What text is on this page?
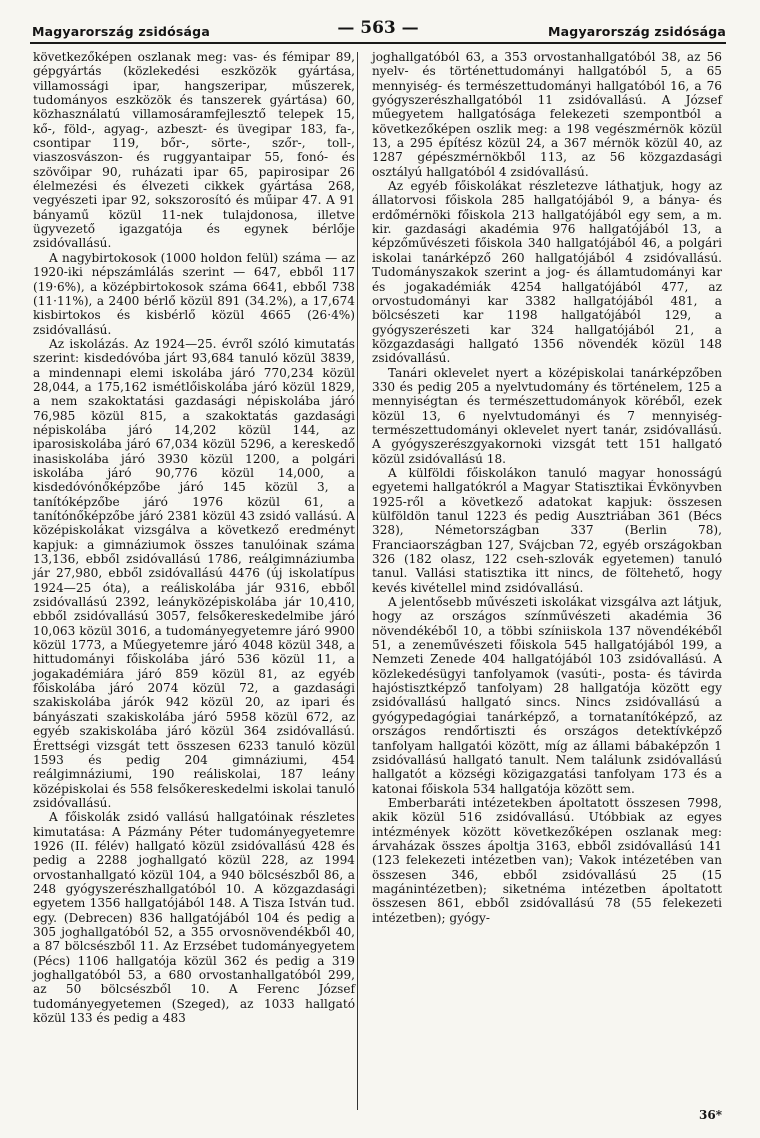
Magyarország zsidósága	— 563 —	Magyarország zsidósága

következőképen oszlanak meg: vas- és fémipar 89, gépgyártás (közlekedési eszközök gyártása, villamossági ipar, hangszeripar, műszerek, tudományos eszközök és tanszerek gyártása) 60, közhasználatú villamosáramfejlesztő telepek 15, kő-, föld-, agyag-, azbeszt- és üvegipar 183, fa-, csontipar 119, bőr-, sörte-, szőr-, toll-, viaszosvászon- és ruggyantaipar 55, fonó- és szövőipar 90, ruházati ipar 65, papirosipar 26 élelmezési és élvezeti cikkek gyártása 268, vegyészeti ipar 92, sokszorosító és műipar 47. A 91 bányamű közül 11-nek tulajdonosa, illetve ügyvezető igazgatója és egynek bérlője zsidóvallású.

A nagybirtokosok (1000 holdon felül) száma — az 1920-iki népszámlálás szerint — 647, ebből 117 (19·6%), a középbirtokosok száma 6641, ebből 738 (11·11%), a 2400 bérlő közül 891 (34.2%), a 17,674 kisbirtokos és kisbérlő közül 4665 (26·4%) zsidóvallású.

Az iskolázás. Az 1924—25. évről szóló kimutatás szerint: kisdedóvóba járt 93,684 tanuló közül 3839, a mindennapi elemi iskolába járó 770,234 közül 28,044, a 175,162 ismétlőiskolába járó közül 1829, a nem szakoktatási gazdasági népiskolába járó 76,985 közül 815, a szakoktatás gazdasági népiskolába járó 14,202 közül 144, az iparosiskolába járó 67,034 közül 5296, a kereskedő inasiskolába járó 3930 közül 1200, a polgári iskolába járó 90,776 közül 14,000, a kisdedóvónőképzőbe járó 145 közül 3, a tanítóképzőbe járó 1976 közül 61, a tanítónőképzőbe járó 2381 közül 43 zsidó vallású. A középiskolákat vizsgálva a következő eredményt kapjuk: a gimnáziumok összes tanulóinak száma 13,136, ebből zsidóvallású 1786, reálgimnáziumba jár 27,980, ebből zsidóvallású 4476 (új iskolatípus 1924—25 óta), a reáliskolába jár 9316, ebből zsidóvallású 2392, leányközépiskolába jár 10,410, ebből zsidóvallású 3057, felsőkereskedelmibe járó 10,063 közül 3016, a tudományegyetemre járó 9900 közül 1773, a Műegyetemre járó 4048 közül 348, a hittudományi főiskolába járó 536 közül 11, a jogakadémiára járó 859 közül 81, az egyéb főiskolába járó 2074 közül 72, a gazdasági szakiskolába járók 942 közül 20, az ipari és bányászati szakiskolába járó 5958 közül 672, az egyéb szakiskolába járó közül 364 zsidóvallású. Érettségi vizsgát tett összesen 6233 tanuló közül 1593 és pedig 204 gimnáziumi, 454 reálgimnáziumi, 190 reáliskolai, 187 leány középiskolai és 558 felsőkereskedelmi iskolai tanuló zsidóvallású.

A főiskolák zsidó vallású hallgatóinak részletes kimutatása: A Pázmány Péter tudományegyetemre 1926 (II. félév) hallgató közül zsidóvallású 428 és pedig a 2288 joghallgató közül 228, az 1994 orvostanhallgató közül 104, a 940 bölcsészből 86, a 248 gyógyszerészhallgatóból 10. A közgazdasági egyetem 1356 hallgatójából 148. A Tisza István tud. egy. (Debrecen) 836 hallgatójából 104 és pedig a 305 joghallgatóból 52, a 355 orvosnövendékből 40, a 87 bölcsészből 11. Az Erzsébet tudományegyetem (Pécs) 1106 hallgatója közül 362 és pedig a 319 joghallgatóból 53, a 680 orvostanhallgatóból 299, az 50 bölcsészből 10. A Ferenc József tudományegyetemen (Szeged), az 1033 hallgató közül 133 és pedig a 483

joghallgatóból 63, a 353 orvostanhallgatóból 38, az 56 nyelv- és történettudományi hallgatóból 5, a 65 mennyiség- és természettudományi hallgatóból 16, a 76 gyógyszerészhallgatóból 11 zsidóvallású. A József műegyetem hallgatósága felekezeti szempontból a következőképen oszlik meg: a 198 vegészmérnök közül 13, a 295 építész közül 24, a 367 mérnök közül 40, az 1287 gépészmérnökből 113, az 56 közgazdasági osztályú hallgatóból 4 zsidóvallású.

Az egyéb főiskolákat részletezve láthatjuk, hogy az állatorvosi főiskola 285 hallgatójából 9, a bánya- és erdőmérnöki főiskola 213 hallgatójából egy sem, a m. kir. gazdasági akadémia 976 hallgatójából 13, a képzőművészeti főiskola 340 hallgatójából 46, a polgári iskolai tanárképző 260 hallgatójából 4 zsidóvallású. Tudományszakok szerint a jog- és államtudományi kar és jogakadémiák 4254 hallgatójából 477, az orvostudományi kar 3382 hallgatójából 481, a bölcsészeti kar 1198 hallgatójából 129, a gyógyszerészeti kar 324 hallgatójából 21, a közgazdasági hallgató 1356 növendék közül 148 zsidóvallású.

Tanári oklevelet nyert a középiskolai tanárképzőben 330 és pedig 205 a nyelvtudomány és történelem, 125 a mennyiségtan és természettudományok köréből, ezek közül 13, 6 nyelvtudományi és 7 mennyiség-természettudományi oklevelet nyert tanár, zsidóvallású. A gyógyszerészgyakornoki vizsgát tett 151 hallgató közül zsidóvallású 18.

A külföldi főiskolákon tanuló magyar honosságú egyetemi hallgatókról a Magyar Statisztikai Évkönyvben 1925-ről a következő adatokat kapjuk: összesen külföldön tanul 1223 és pedig Ausztriában 361 (Bécs 328), Németországban 337 (Berlin 78), Franciaországban 127, Svájcban 72, egyéb országokban 326 (182 olasz, 122 cseh-szlovák egyetemen) tanuló tanul. Vallási statisztika itt nincs, de föltehető, hogy kevés kivétellel mind zsidóvallású.

A jelentősebb művészeti iskolákat vizsgálva azt látjuk, hogy az országos színművészeti akadémia 36 növendékéből 10, a többi színiiskola 137 növendékéből 51, a zeneművészeti főiskola 545 hallgatójából 199, a Nemzeti Zenede 404 hallgatójából 103 zsidóvallású. A közlekedésügyi tanfolyamok (vasúti-, posta- és távirda hajóstisztképző tanfolyam) 28 hallgatója között egy zsidóvallású hallgató sincs. Nincs zsidóvallású a gyógypedagógiai tanárképző, a tornatanítóképző, az országos rendőrtiszti és országos detektívképző tanfolyam hallgatói között, míg az állami bábaképzőn 1 zsidóvallású hallgató tanult. Nem találunk zsidóvallású hallgatót a községi közigazgatási tanfolyam 173 és a katonai főiskola 534 hallgatója között sem.

Emberbaráti intézetekben ápoltatott összesen 7998, akik közül 516 zsidóvallású. Utóbbiak az egyes intézmények között következőképen oszlanak meg: árvaházak összes ápoltja 3163, ebből zsidóvallású 141 (123 felekezeti intézetben van); Vakok intézetében van összesen 346, ebből zsidóvallású 25 (15 magánintézetben); siketnéma intézetben ápoltatott összesen 861, ebből zsidóvallású 78 (55 felekezeti intézetben); gyógy-

36*
